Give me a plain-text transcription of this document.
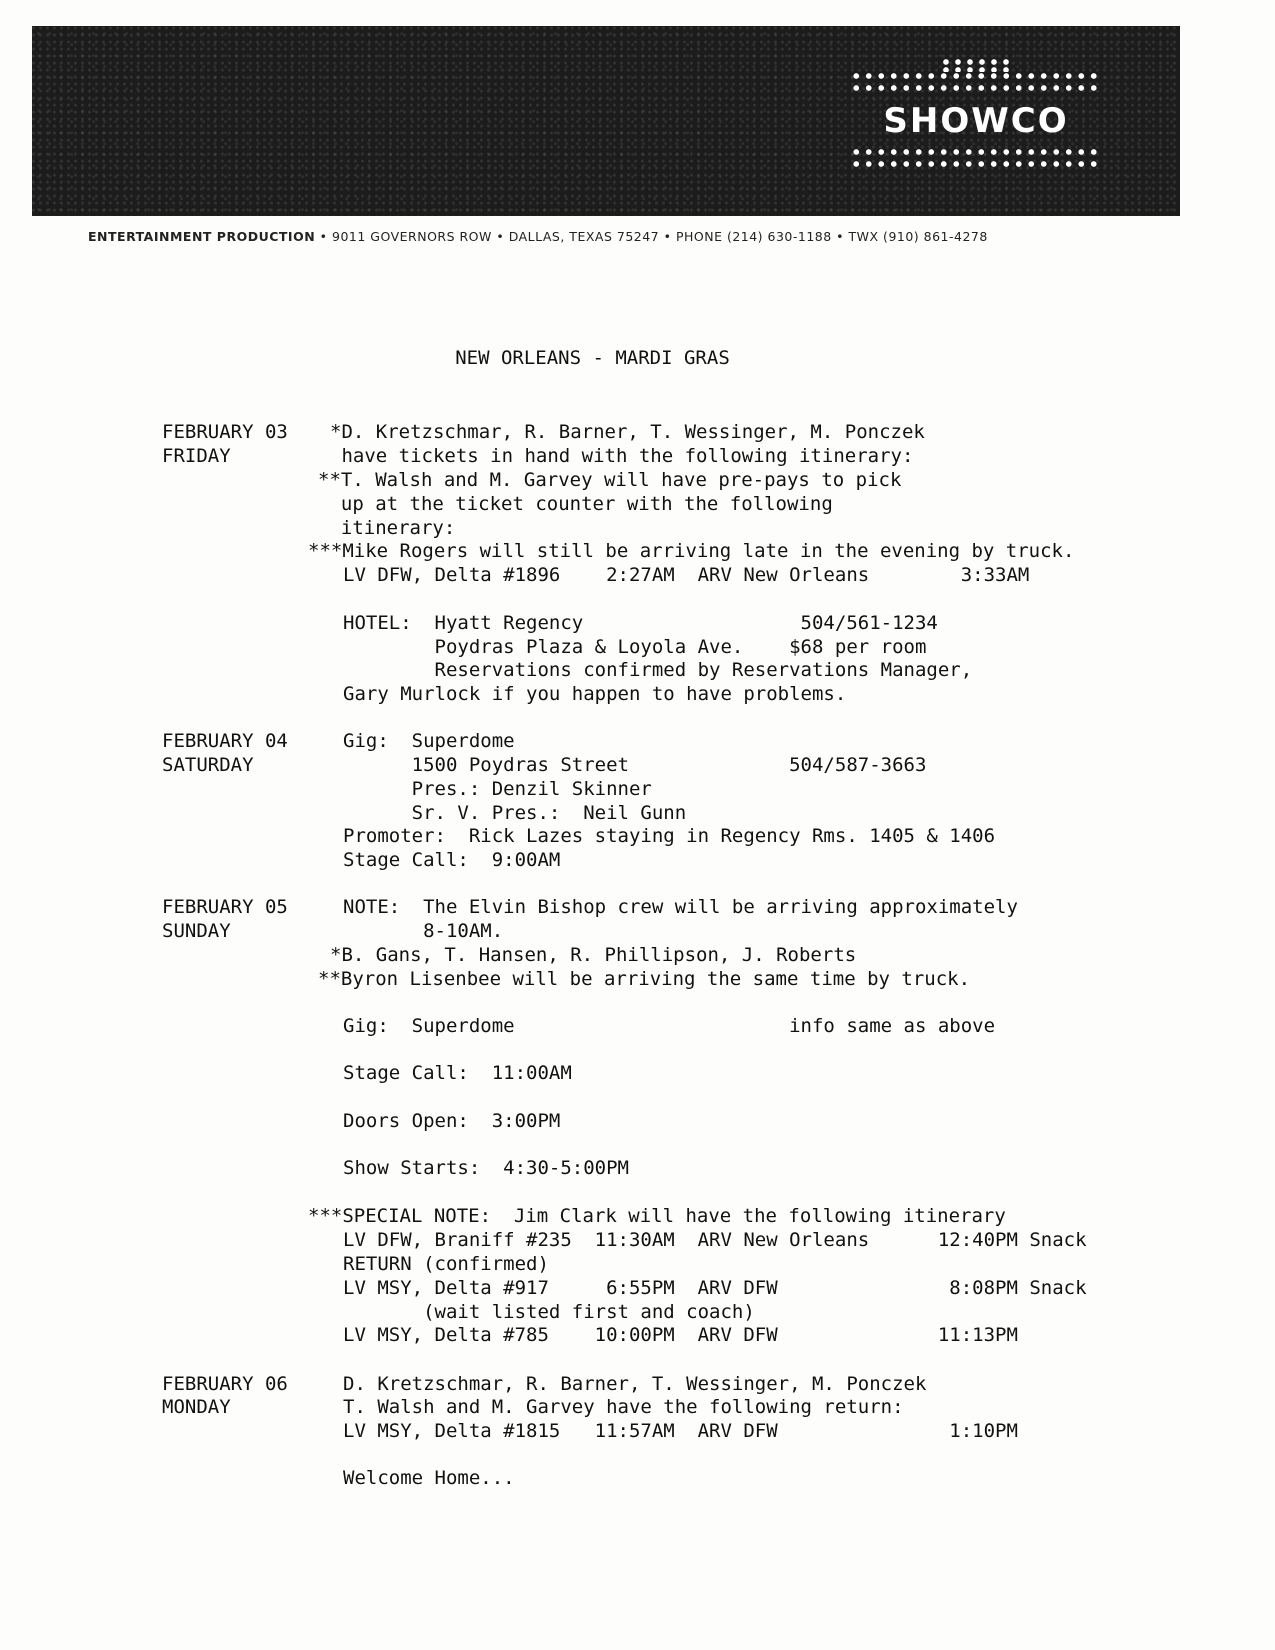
SHOWCO
ENTERTAINMENT PRODUCTION • 9011 GOVERNORS ROW • DALLAS, TEXAS 75247 • PHONE (214) 630-1188 • TWX (910) 861-4278
NEW ORLEANS - MARDI GRAS
FEBRUARY 03
FRIDAY
*D. Kretzschmar, R. Barner, T. Wessinger, M. Ponczek
have tickets in hand with the following itinerary:
**T. Walsh and M. Garvey will have pre-pays to pick
up at the ticket counter with the following
itinerary:
***Mike Rogers will still be arriving late in the evening by truck.
LV DFW, Delta #1896    2:27AM  ARV New Orleans        3:33AM
HOTEL:  Hyatt Regency                   504/561-1234
Poydras Plaza & Loyola Ave.    $68 per room
Reservations confirmed by Reservations Manager,
Gary Murlock if you happen to have problems.
FEBRUARY 04
SATURDAY
Gig:  Superdome
1500 Poydras Street              504/587-3663
Pres.: Denzil Skinner
Sr. V. Pres.:  Neil Gunn
Promoter:  Rick Lazes staying in Regency Rms. 1405 & 1406
Stage Call:  9:00AM
FEBRUARY 05
SUNDAY
NOTE:  The Elvin Bishop crew will be arriving approximately
8-10AM.
*B. Gans, T. Hansen, R. Phillipson, J. Roberts
**Byron Lisenbee will be arriving the same time by truck.
Gig:  Superdome                        info same as above
Stage Call:  11:00AM
Doors Open:  3:00PM
Show Starts:  4:30-5:00PM
***SPECIAL NOTE:  Jim Clark will have the following itinerary
LV DFW, Braniff #235  11:30AM  ARV New Orleans      12:40PM Snack
RETURN (confirmed)
LV MSY, Delta #917     6:55PM  ARV DFW               8:08PM Snack
(wait listed first and coach)
LV MSY, Delta #785    10:00PM  ARV DFW              11:13PM
FEBRUARY 06
MONDAY
D. Kretzschmar, R. Barner, T. Wessinger, M. Ponczek
T. Walsh and M. Garvey have the following return:
LV MSY, Delta #1815   11:57AM  ARV DFW               1:10PM
Welcome Home...
